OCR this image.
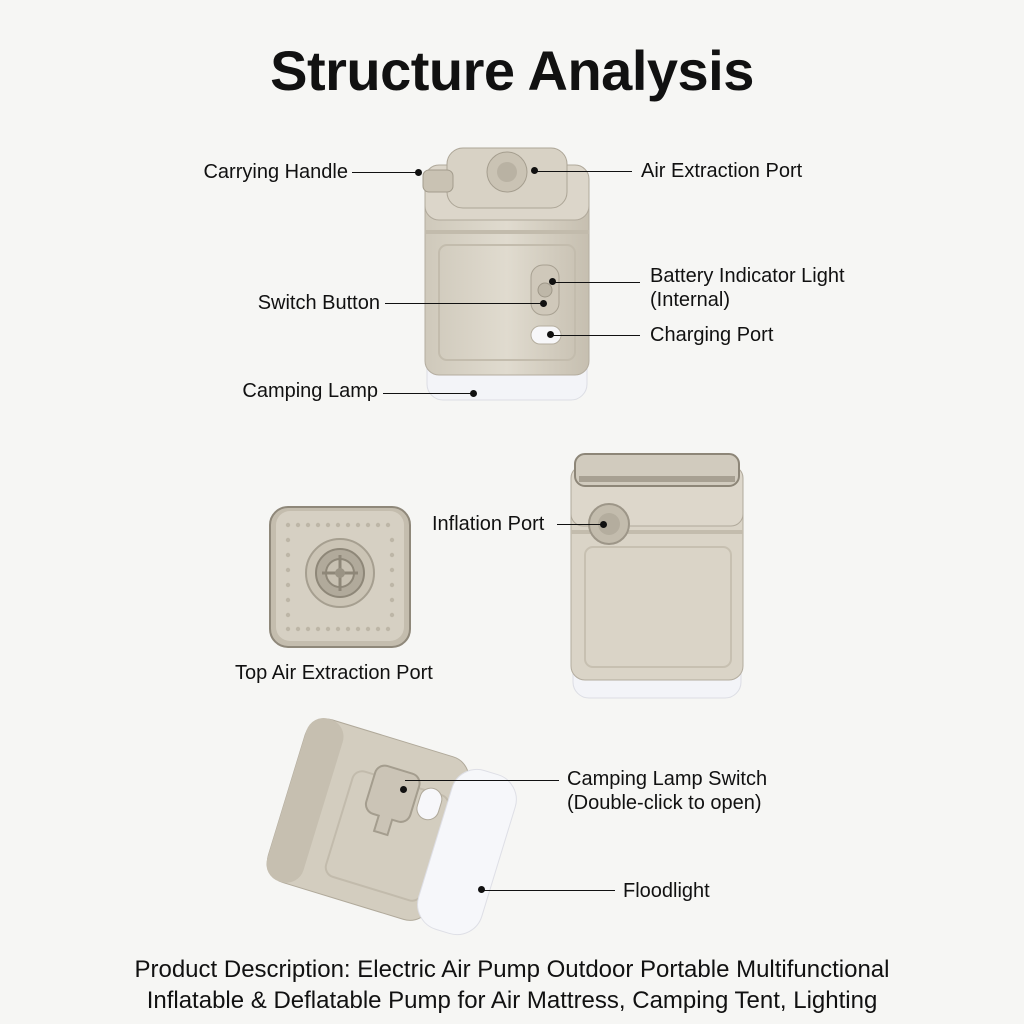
Structure Analysis
Carrying Handle	Air Extraction Port
Battery Indicator Light
(Internal)
Switch Button
Charging Port
Camping Lamp
Top Air Extraction Port
Inflation Port
Camping Lamp Switch
(Double-click to open)
Floodlight
Product Description: Electric Air Pump Outdoor Portable Multifunctional
Inflatable & Deflatable Pump for Air Mattress, Camping Tent, Lighting
